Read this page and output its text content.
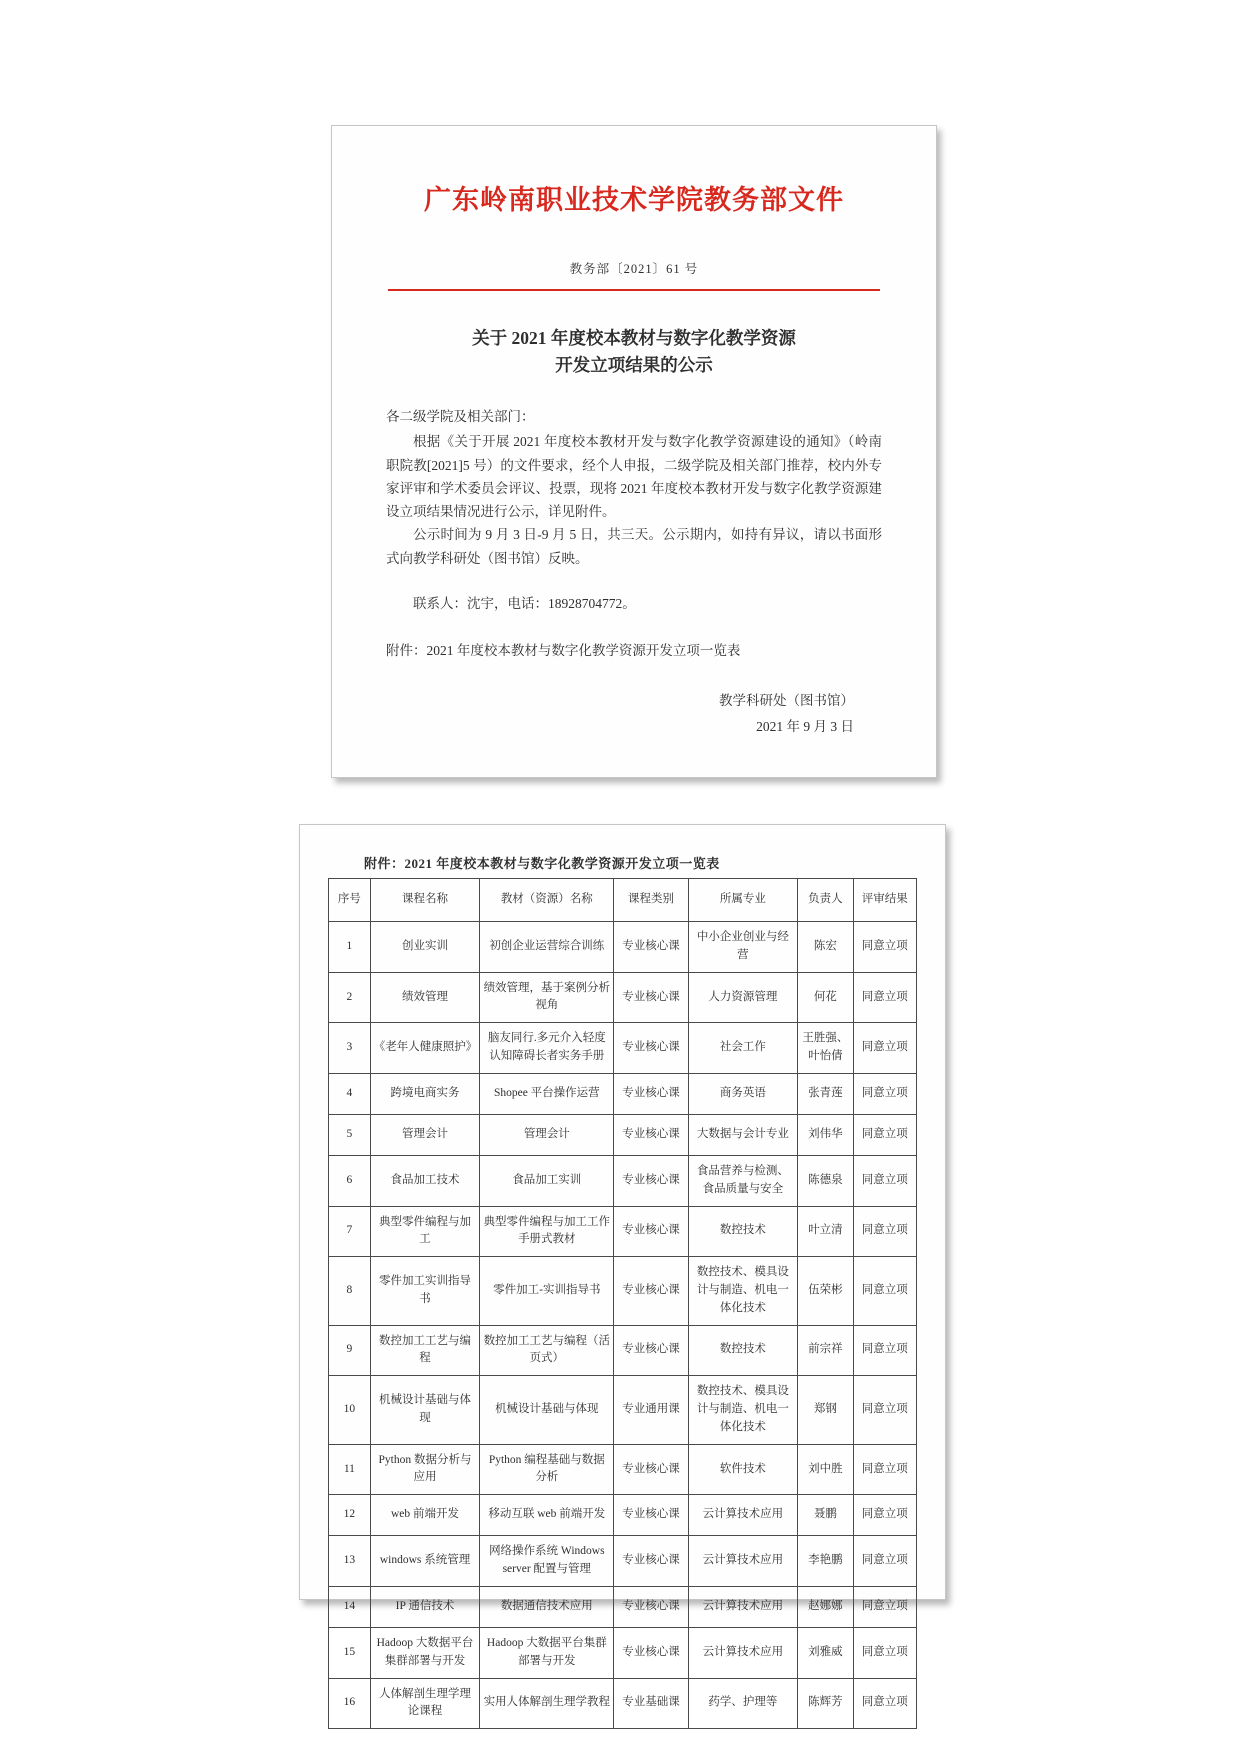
广东岭南职业技术学院教务部文件
教务部〔2021〕61 号
关于 2021 年度校本教材与数字化教学资源
开发立项结果的公示

各二级学院及相关部门：

根据《关于开展 2021 年度校本教材开发与数字化教学资源建设的通知》（岭南职院教[2021]5 号）的文件要求，经个人申报，二级学院及相关部门推荐，校内外专家评审和学术委员会评议、投票，现将 2021 年度校本教材开发与数字化教学资源建设立项结果情况进行公示，详见附件。

公示时间为 9 月 3 日-9 月 5 日，共三天。公示期内，如持有异议，请以书面形式向教学科研处（图书馆）反映。

联系人：沈宇，电话：18928704772。

附件：2021 年度校本教材与数字化教学资源开发立项一览表

教学科研处（图书馆）
2021 年 9 月 3 日
附件：2021 年度校本教材与数字化教学资源开发立项一览表
序号	课程名称	教材（资源）名称	课程类别	所属专业	负责人	评审结果
1	创业实训	初创企业运营综合训练	专业核心课	中小企业创业与经营	陈宏	同意立项
2	绩效管理	绩效管理，基于案例分析视角	专业核心课	人力资源管理	何花	同意立项
3	《老年人健康照护》	脑友同行.多元介入轻度认知障碍长者实务手册	专业核心课	社会工作	王胜强、叶怡倩	同意立项
4	跨境电商实务	Shopee 平台操作运营	专业核心课	商务英语	张青莲	同意立项
5	管理会计	管理会计	专业核心课	大数据与会计专业	刘伟华	同意立项
6	食品加工技术	食品加工实训	专业核心课	食品营养与检测、食品质量与安全	陈德泉	同意立项
7	典型零件编程与加工	典型零件编程与加工工作手册式教材	专业核心课	数控技术	叶立清	同意立项
8	零件加工实训指导书	零件加工-实训指导书	专业核心课	数控技术、模具设计与制造、机电一体化技术	伍荣彬	同意立项
9	数控加工工艺与编程	数控加工工艺与编程（活页式）	专业核心课	数控技术	前宗祥	同意立项
10	机械设计基础与体现	机械设计基础与体现	专业通用课	数控技术、模具设计与制造、机电一体化技术	郑钢	同意立项
11	Python 数据分析与应用	Python 编程基础与数据分析	专业核心课	软件技术	刘中胜	同意立项
12	web 前端开发	移动互联 web 前端开发	专业核心课	云计算技术应用	聂鹏	同意立项
13	windows 系统管理	网络操作系统 Windows server 配置与管理	专业核心课	云计算技术应用	李艳鹏	同意立项
14	IP 通信技术	数据通信技术应用	专业核心课	云计算技术应用	赵娜娜	同意立项
15	Hadoop 大数据平台集群部署与开发	Hadoop 大数据平台集群部署与开发	专业核心课	云计算技术应用	刘雅威	同意立项
16	人体解剖生理学理论课程	实用人体解剖生理学教程	专业基础课	药学、护理等	陈辉芳	同意立项
